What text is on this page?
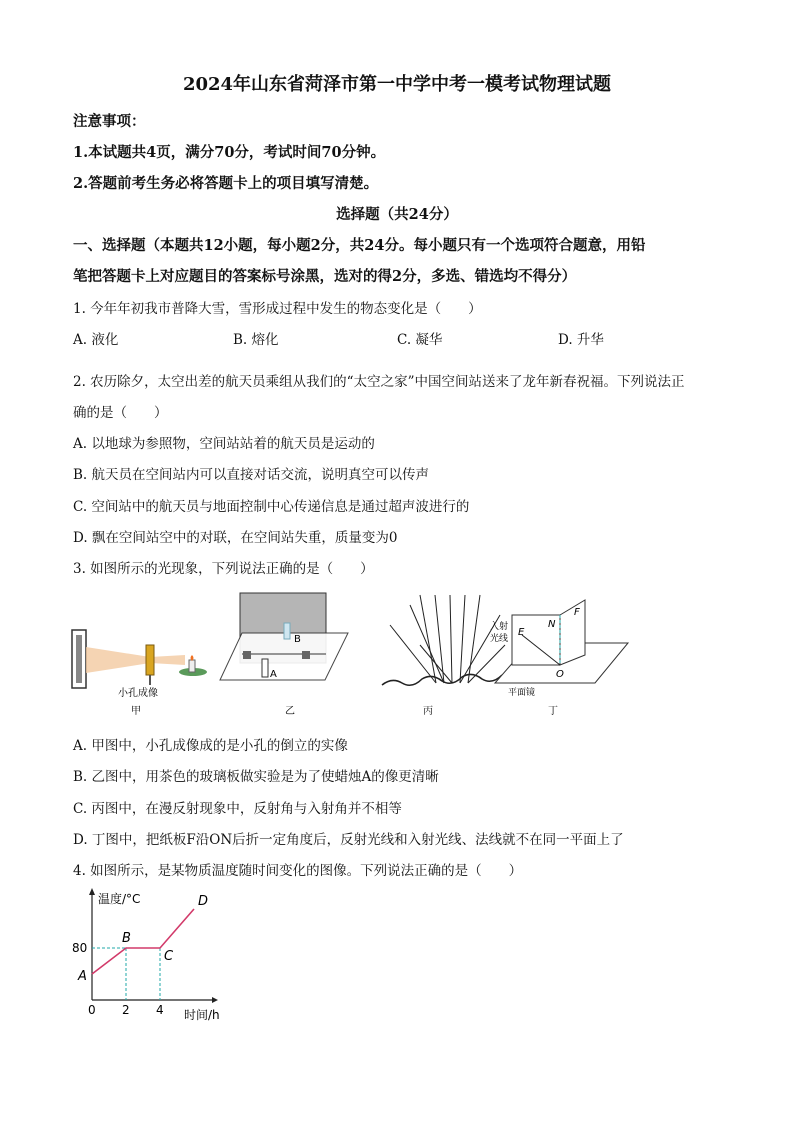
2024年山东省菏泽市第一中学中考一模考试物理试题
注意事项：
1.本试题共4页，满分70分，考试时间70分钟。
2.答题前考生务必将答题卡上的项目填写清楚。
选择题（共24分）
一、选择题（本题共12小题，每小题2分，共24分。每小题只有一个选项符合题意，用铅
笔把答题卡上对应题目的答案标号涂黑，选对的得2分，多选、错选均不得分）
1. 今年年初我市普降大雪，雪形成过程中发生的物态变化是（　　）
A. 液化	B. 熔化	C. 凝华	D. 升华
2. 农历除夕，太空出差的航天员乘组从我们的“太空之家”中国空间站送来了龙年新春祝福。下列说法正
确的是（　　）
A. 以地球为参照物，空间站站着的航天员是运动的
B. 航天员在空间站内可以直接对话交流，说明真空可以传声
C. 空间站中的航天员与地面控制中心传递信息是通过超声波进行的
D. 飘在空间站空中的对联，在空间站失重，质量变为0
3. 如图所示的光现象，下列说法正确的是（　　）
小孔成像
甲
B
A
乙	丙
入射
光线
E
N
F
O
平面镜
丁
A. 甲图中，小孔成像成的是小孔的倒立的实像
B. 乙图中，用茶色的玻璃板做实验是为了使蜡烛A的像更清晰
C. 丙图中，在漫反射现象中，反射角与入射角并不相等
D. 丁图中，把纸板F沿ON后折一定角度后，反射光线和入射光线、法线就不在同一平面上了
4. 如图所示，是某物质温度随时间变化的图像。下列说法正确的是（　　）
温度/°C
时间/h
A
B
C
D
0 2 4
80
